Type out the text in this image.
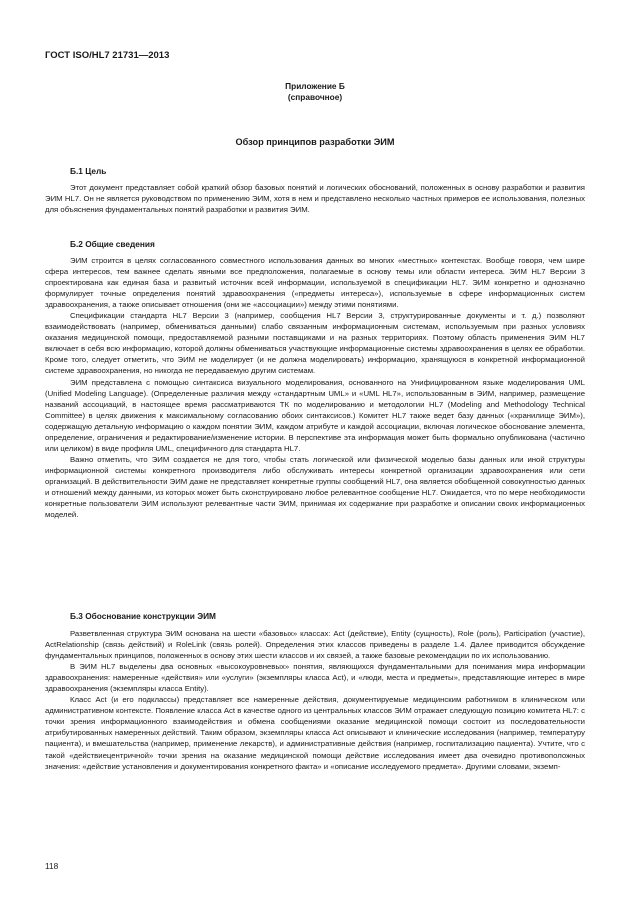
ГОСТ ISO/HL7 21731—2013
Приложение Б
(справочное)
Обзор принципов разработки ЭИМ
Б.1 Цель

Этот документ представляет собой краткий обзор базовых понятий и логических обоснований, положенных в основу разработки и развития ЭИМ HL7. Он не является руководством по применению ЭИМ, хотя в нем и представлено несколько частных примеров ее использования, полезных для объяснения фундаментальных понятий разработки и развития ЭИМ.

Б.2 Общие сведения

ЭИМ строится в целях согласованного совместного использования данных во многих «местных» контекстах. Вообще говоря, чем шире сфера интересов, тем важнее сделать явными все предположения, полагаемые в основу темы или области интереса. ЭИМ HL7 Версии 3 спроектирована как единая база и развитый источник всей информации, используемой в спецификации HL7. ЭИМ конкретно и однозначно формулирует точные определения понятий здравоохранения («предметы интереса»), используемые в сфере информационных систем здравоохранения, а также описывает отношения (они же «ассоциации») между этими понятиями.

Спецификации стандарта HL7 Версии 3 (например, сообщения HL7 Версии 3, структурированные документы и т. д.) позволяют взаимодействовать (например, обмениваться данными) слабо связанным информационным системам, используемым при разных условиях оказания медицинской помощи, предоставляемой разными поставщиками и на разных территориях. Поэтому область применения ЭИМ HL7 включает в себя всю информацию, которой должны обмениваться участвующие информационные системы здравоохранения в целях ее обработки. Кроме того, следует отметить, что ЭИМ не моделирует (и не должна моделировать) информацию, хранящуюся в конкретной информационной системе здравоохранения, но никогда не передаваемую другим системам.

ЭИМ представлена с помощью синтаксиса визуального моделирования, основанного на Унифицированном языке моделирования UML (Unified Modeling Language). (Определенные различия между «стандартным UML» и «UML HL7», использованным в ЭИМ, например, размещение названий ассоциаций, в настоящее время рассматриваются ТК по моделированию и методологии HL7 (Modeling and Methodology Technical Committee) в целях движения к максимальному согласованию обоих синтаксисов.) Комитет HL7 также ведет базу данных («хранилище ЭИМ»), содержащую детальную информацию о каждом понятии ЭИМ, каждом атрибуте и каждой ассоциации, включая логическое обоснование элемента, определение, ограничения и редактирование/изменение истории. В перспективе эта информация может быть формально опубликована (частично или целиком) в виде профиля UML, специфичного для стандарта HL7.

Важно отметить, что ЭИМ создается не для того, чтобы стать логической или физической моделью базы данных или иной структуры информационной системы конкретного производителя либо обслуживать интересы конкретной организации здравоохранения или сети организаций. В действительности ЭИМ даже не представляет конкретные группы сообщений HL7, она является обобщенной совокупностью данных и отношений между данными, из которых может быть сконструировано любое релевантное сообщение HL7. Ожидается, что по мере необходимости конкретные пользователи ЭИМ используют релевантные части ЭИМ, принимая их содержание при разработке и описании своих информационных моделей.

Б.3 Обоснование конструкции ЭИМ

Разветвленная структура ЭИМ основана на шести «базовых» классах: Act (действие), Entity (сущность), Role (роль), Participation (участие), ActRelationship (связь действий) и RoleLink (связь ролей). Определения этих классов приведены в разделе 1.4. Далее приводится обсуждение фундаментальных принципов, положенных в основу этих шести классов и их связей, а также базовые рекомендации по их использованию.

В ЭИМ HL7 выделены два основных «высокоуровневых» понятия, являющихся фундаментальными для понимания мира информации здравоохранения: намеренные «действия» или «услуги» (экземпляры класса Act), и «люди, места и предметы», представляющие интерес в мире здравоохранения (экземпляры класса Entity).

Класс Act (и его подклассы) представляет все намеренные действия, документируемые медицинским работником в клиническом или административном контексте. Появление класса Act в качестве одного из центральных классов ЭИМ отражает следующую позицию комитета HL7: с точки зрения информационного взаимодействия и обмена сообщениями оказание медицинской помощи состоит из последовательности атрибутированных намеренных действий. Таким образом, экземпляры класса Act описывают и клинические исследования (например, температуру пациента), и вмешательства (например, применение лекарств), и административные действия (например, госпитализацию пациента). Учтите, что с такой «действиецентричной» точки зрения на оказание медицинской помощи действие исследования имеет два очевидно противоположных значения: «действие установления и документирования конкретного факта» и «описание исследуемого предмета». Другими словами, экземп-

118
